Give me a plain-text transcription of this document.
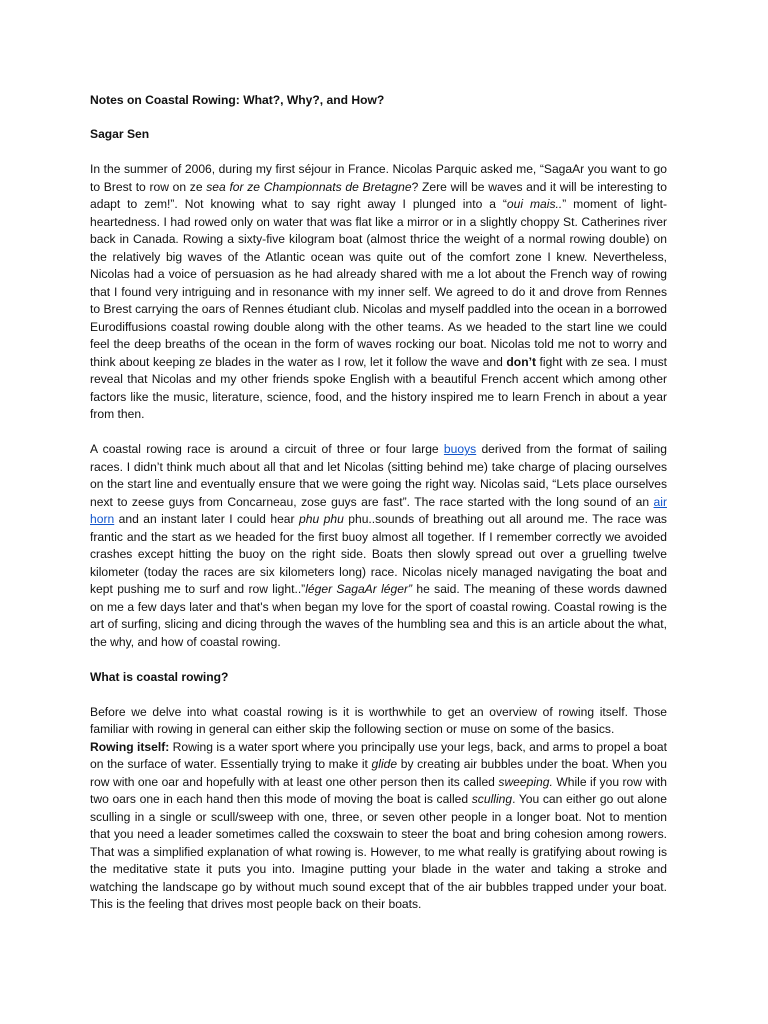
Notes on Coastal Rowing: What?, Why?, and How?
Sagar Sen

In the summer of 2006, during my first séjour in France. Nicolas Parquic asked me, “SagaAr you want to go to Brest to row on ze sea for ze Championnats de Bretagne? Zere will be waves and it will be interesting to adapt to zem!”. Not knowing what to say right away I plunged into a “oui mais..” moment of light-heartedness. I had rowed only on water that was flat like a mirror or in a slightly choppy St. Catherines river back in Canada. Rowing a sixty-five kilogram boat (almost thrice the weight of a normal rowing double) on the relatively big waves of the Atlantic ocean was quite out of the comfort zone I knew. Nevertheless, Nicolas had a voice of persuasion as he had already shared with me a lot about the French way of rowing that I found very intriguing and in resonance with my inner self. We agreed to do it and drove from Rennes to Brest carrying the oars of Rennes étudiant club. Nicolas and myself paddled into the ocean in a borrowed Eurodiffusions coastal rowing double along with the other teams. As we headed to the start line we could feel the deep breaths of the ocean in the form of waves rocking our boat. Nicolas told me not to worry and think about keeping ze blades in the water as I row, let it follow the wave and don’t fight with ze sea. I must reveal that Nicolas and my other friends spoke English with a beautiful French accent which among other factors like the music, literature, science, food, and the history inspired me to learn French in about a year from then.

A coastal rowing race is around a circuit of three or four large buoys derived from the format of sailing races. I didn’t think much about all that and let Nicolas (sitting behind me) take charge of placing ourselves on the start line and eventually ensure that we were going the right way. Nicolas said, “Lets place ourselves next to zeese guys from Concarneau, zose guys are fast”. The race started with the long sound of an air horn and an instant later I could hear phu phu phu..sounds of breathing out all around me. The race was frantic and the start as we headed for the first buoy almost all together. If I remember correctly we avoided crashes except hitting the buoy on the right side. Boats then slowly spread out over a gruelling twelve kilometer (today the races are six kilometers long) race. Nicolas nicely managed navigating the boat and kept pushing me to surf and row light..”léger SagaAr léger” he said. The meaning of these words dawned on me a few days later and that's when began my love for the sport of coastal rowing. Coastal rowing is the art of surfing, slicing and dicing through the waves of the humbling sea and this is an article about the what, the why, and how of coastal rowing.

What is coastal rowing?

Before we delve into what coastal rowing is it is worthwhile to get an overview of rowing itself. Those familiar with rowing in general can either skip the following section or muse on some of the basics.

Rowing itself: Rowing is a water sport where you principally use your legs, back, and arms to propel a boat on the surface of water. Essentially trying to make it glide by creating air bubbles under the boat. When you row with one oar and hopefully with at least one other person then its called sweeping. While if you row with two oars one in each hand then this mode of moving the boat is called sculling. You can either go out alone sculling in a single or scull/sweep with one, three, or seven other people in a longer boat. Not to mention that you need a leader sometimes called the coxswain to steer the boat and bring cohesion among rowers. That was a simplified explanation of what rowing is. However, to me what really is gratifying about rowing is the meditative state it puts you into. Imagine putting your blade in the water and taking a stroke and watching the landscape go by without much sound except that of the air bubbles trapped under your boat. This is the feeling that drives most people back on their boats.
